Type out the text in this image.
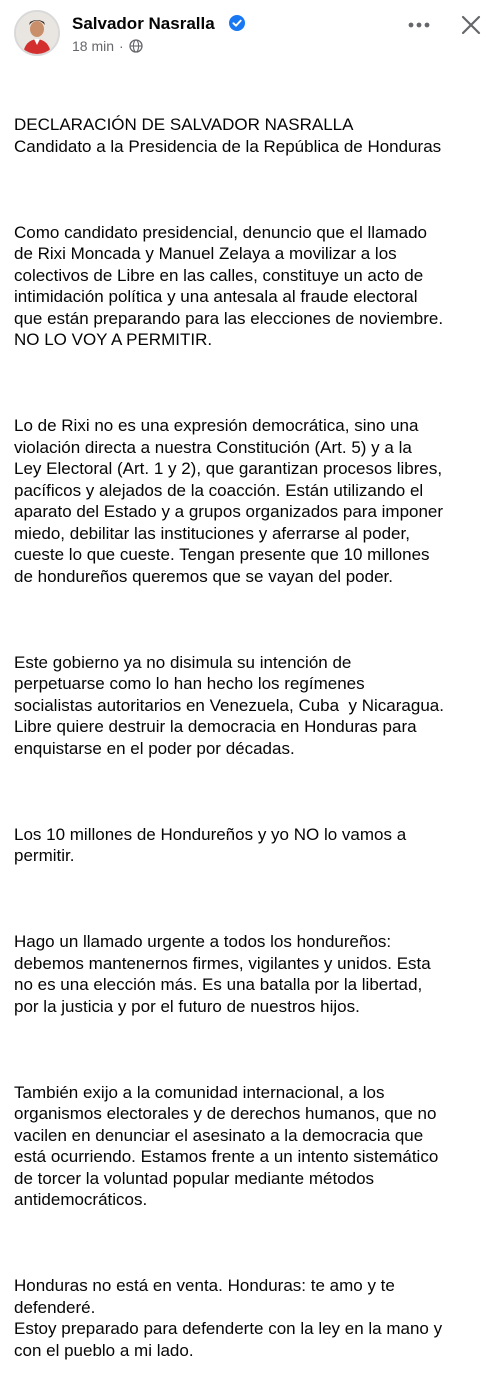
Salvador Nasralla
18 min ·

DECLARACIÓN DE SALVADOR NASRALLA
Candidato a la Presidencia de la República de Honduras

Como candidato presidencial, denuncio que el llamado
de Rixi Moncada y Manuel Zelaya a movilizar a los
colectivos de Libre en las calles, constituye un acto de
intimidación política y una antesala al fraude electoral
que están preparando para las elecciones de noviembre.
NO LO VOY A PERMITIR.

Lo de Rixi no es una expresión democrática, sino una
violación directa a nuestra Constitución (Art. 5) y a la
Ley Electoral (Art. 1 y 2), que garantizan procesos libres,
pacíficos y alejados de la coacción. Están utilizando el
aparato del Estado y a grupos organizados para imponer
miedo, debilitar las instituciones y aferrarse al poder,
cueste lo que cueste. Tengan presente que 10 millones
de hondureños queremos que se vayan del poder.

Este gobierno ya no disimula su intención de
perpetuarse como lo han hecho los regímenes
socialistas autoritarios en Venezuela, Cuba  y Nicaragua.
Libre quiere destruir la democracia en Honduras para
enquistarse en el poder por décadas.

Los 10 millones de Hondureños y yo NO lo vamos a
permitir.

Hago un llamado urgente a todos los hondureños:
debemos mantenernos firmes, vigilantes y unidos. Esta
no es una elección más. Es una batalla por la libertad,
por la justicia y por el futuro de nuestros hijos.

También exijo a la comunidad internacional, a los
organismos electorales y de derechos humanos, que no
vacilen en denunciar el asesinato a la democracia que
está ocurriendo. Estamos frente a un intento sistemático
de torcer la voluntad popular mediante métodos
antidemocráticos.

Honduras no está en venta. Honduras: te amo y te
defenderé.
Estoy preparado para defenderte con la ley en la mano y
con el pueblo a mi lado.
